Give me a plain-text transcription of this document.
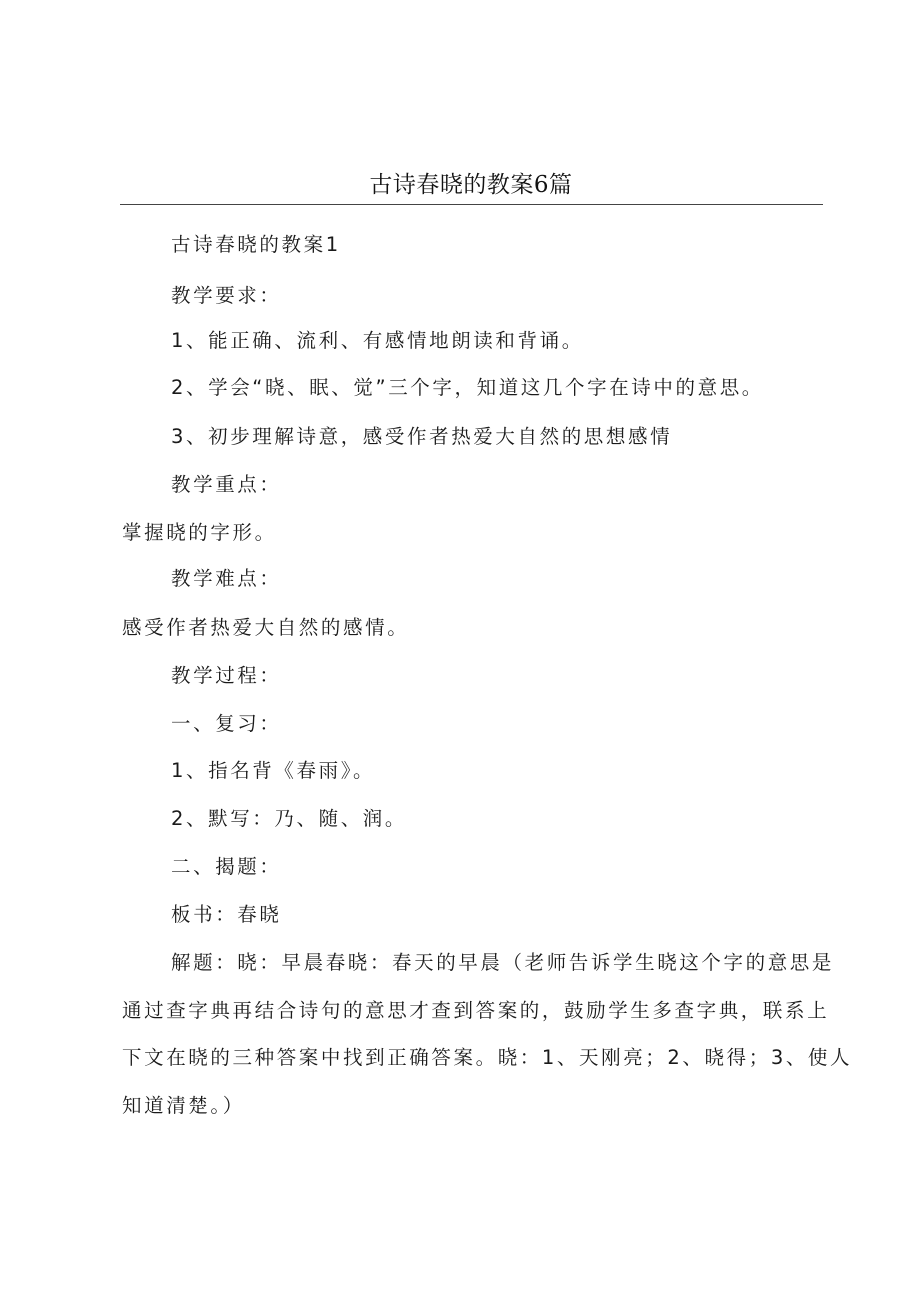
古诗春晓的教案6篇
古诗春晓的教案1
教学要求：
1、能正确、流利、有感情地朗读和背诵。
2、学会“晓、眠、觉”三个字，知道这几个字在诗中的意思。
3、初步理解诗意，感受作者热爱大自然的思想感情
教学重点：
掌握晓的字形。
教学难点：
感受作者热爱大自然的感情。
教学过程：
一、复习：
1、指名背《春雨》。
2、默写：乃、随、润。
二、揭题：
板书：春晓
解题：晓：早晨春晓：春天的早晨（老师告诉学生晓这个字的意思是
通过查字典再结合诗句的意思才查到答案的，鼓励学生多查字典，联系上
下文在晓的三种答案中找到正确答案。晓：1、天刚亮；2、晓得；3、使人
知道清楚。）
